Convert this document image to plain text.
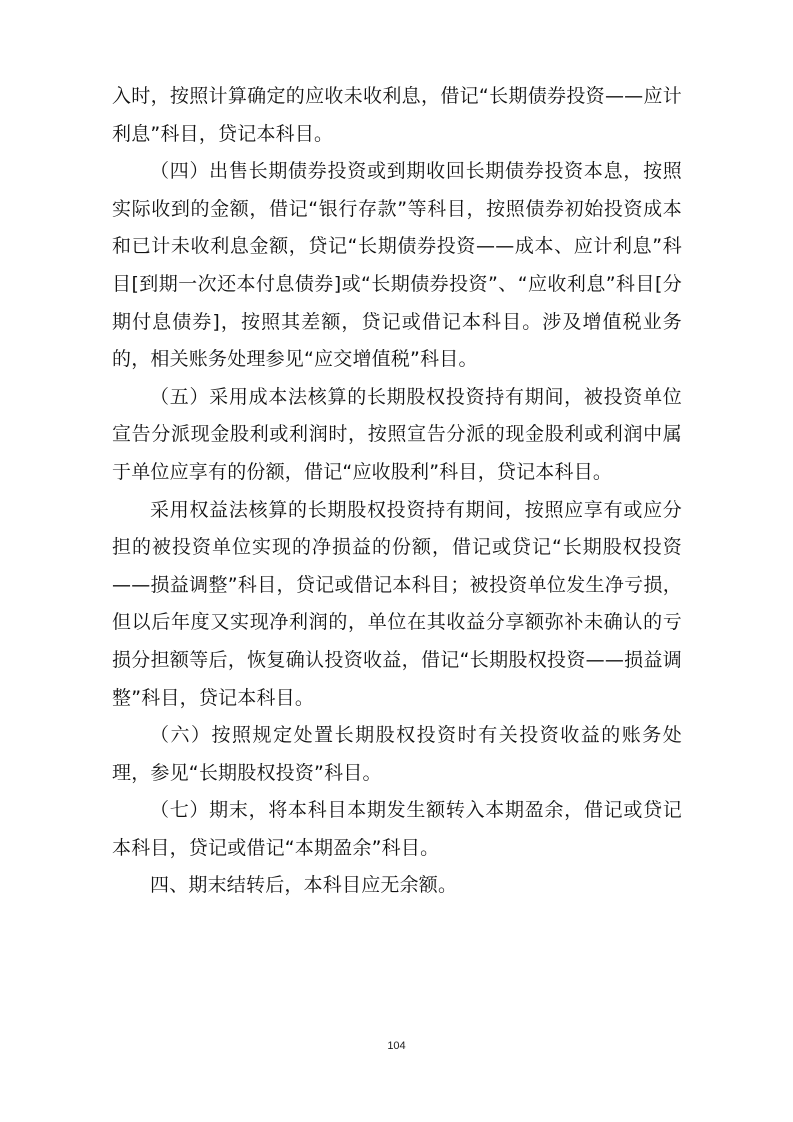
入时，按照计算确定的应收未收利息，借记“长期债券投资——应计利息”科目，贷记本科目。

（四）出售长期债券投资或到期收回长期债券投资本息，按照实际收到的金额，借记“银行存款”等科目，按照债券初始投资成本和已计未收利息金额，贷记“长期债券投资——成本、应计利息”科目[到期一次还本付息债券]或“长期债券投资”、“应收利息”科目[分期付息债券]，按照其差额，贷记或借记本科目。涉及增值税业务的，相关账务处理参见“应交增值税”科目。

（五）采用成本法核算的长期股权投资持有期间，被投资单位宣告分派现金股利或利润时，按照宣告分派的现金股利或利润中属于单位应享有的份额，借记“应收股利”科目，贷记本科目。

采用权益法核算的长期股权投资持有期间，按照应享有或应分担的被投资单位实现的净损益的份额，借记或贷记“长期股权投资——损益调整”科目，贷记或借记本科目；被投资单位发生净亏损，但以后年度又实现净利润的，单位在其收益分享额弥补未确认的亏损分担额等后，恢复确认投资收益，借记“长期股权投资——损益调整”科目，贷记本科目。

（六）按照规定处置长期股权投资时有关投资收益的账务处理，参见“长期股权投资”科目。

（七）期末，将本科目本期发生额转入本期盈余，借记或贷记本科目，贷记或借记“本期盈余”科目。

四、期末结转后，本科目应无余额。

104
